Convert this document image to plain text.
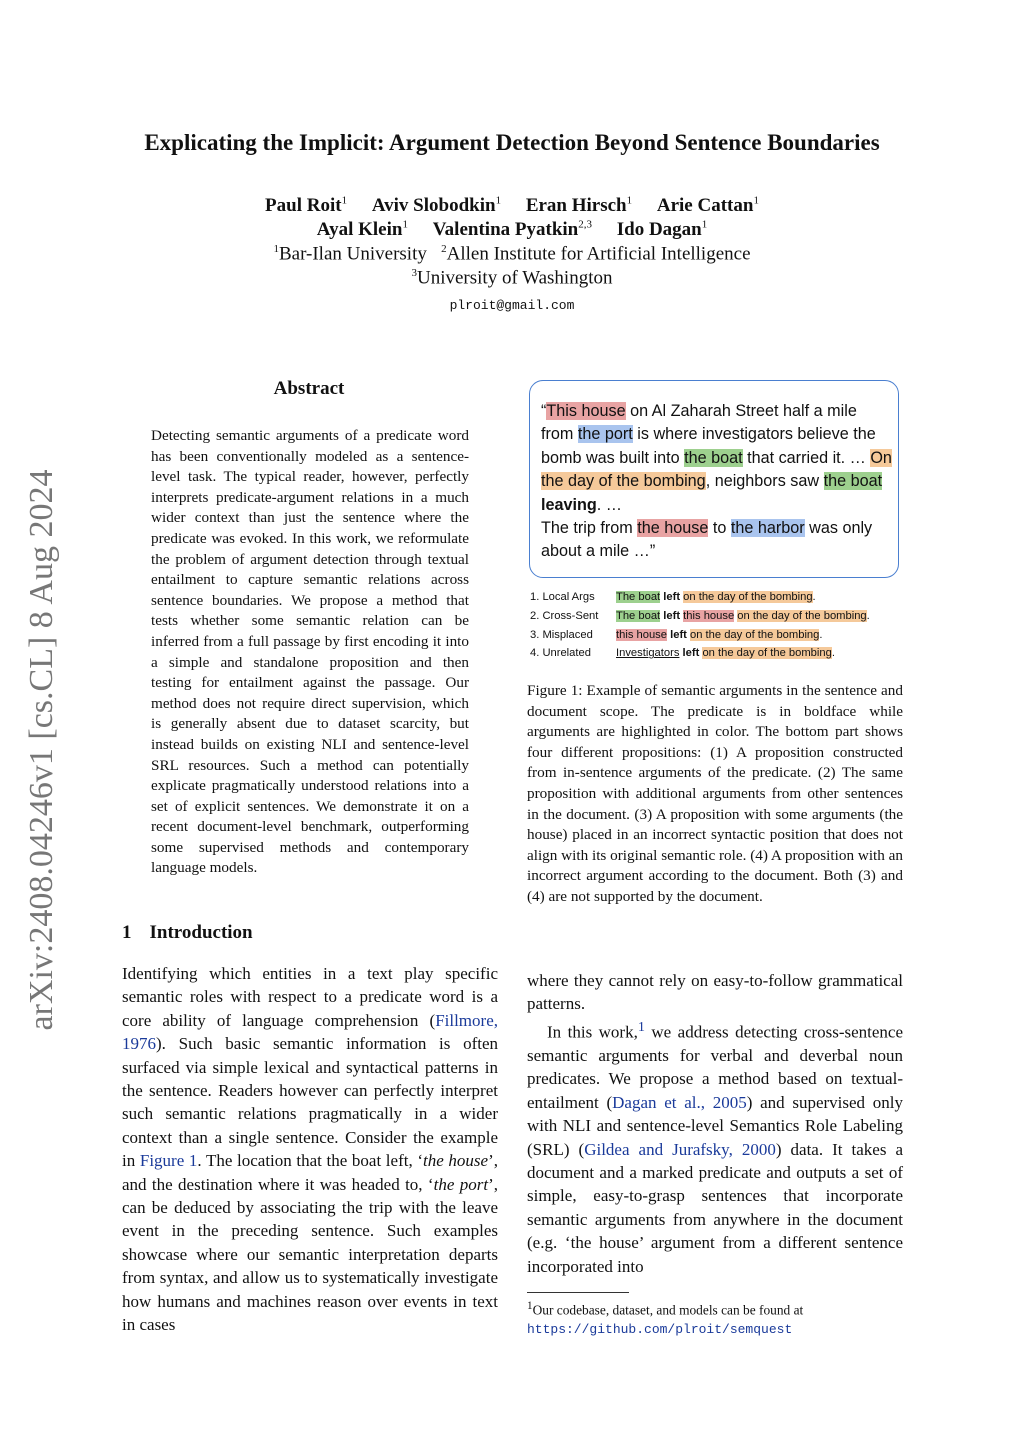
Explicating the Implicit: Argument Detection Beyond Sentence Boundaries
Paul Roit$^1$ Aviv Slobodkin$^1$ Eran Hirsch$^1$ Arie Cattan$^1$
Ayal Klein$^1$ Valentina Pyatkin$^{2,3}$ Ido Dagan$^1$
$^1$Bar-Ilan University $^2$Allen Institute for Artificial Intelligence
$^3$University of Washington
plroit@gmail.com
arXiv:2408.04246v1 [cs.CL] 8 Aug 2024
Abstract
Detecting semantic arguments of a predicate word has been conventionally modeled as a sentence-level task. The typical reader, however, perfectly interprets predicate-argument relations in a much wider context than just the sentence where the predicate was evoked. In this work, we reformulate the problem of argument detection through textual entailment to capture semantic relations across sentence boundaries. We propose a method that tests whether some semantic relation can be inferred from a full passage by first encoding it into a simple and standalone proposition and then testing for entailment against the passage. Our method does not require direct supervision, which is generally absent due to dataset scarcity, but instead builds on existing NLI and sentence-level SRL resources. Such a method can potentially explicate pragmatically understood relations into a set of explicit sentences. We demonstrate it on a recent document-level benchmark, outperforming some supervised methods and contemporary language models.
1 Introduction
Identifying which entities in a text play specific semantic roles with respect to a predicate word is a core ability of language comprehension (Fillmore, 1976). Such basic semantic information is often surfaced via simple lexical and syntactical patterns in the sentence. Readers however can perfectly interpret such semantic relations pragmatically in a wider context than a single sentence. Consider the example in Figure 1. The location that the boat left, ‘the house’, and the destination where it was headed to, ‘the port’, can be deduced by associating the trip with the leave event in the preceding sentence. Such examples showcase where our semantic interpretation departs from syntax, and allow us to systematically investigate how humans and machines reason over events in text in cases
“This house on Al Zaharah Street half a mile from the port is where investigators believe the bomb was built into the boat that carried it. … On the day of the bombing, neighbors saw the boat leaving. …
The trip from the house to the harbor was only about a mile …”
1. Local Args	The boat left on the day of the bombing.
2. Cross-Sent	The boat left this house on the day of the bombing.
3. Misplaced	this house left on the day of the bombing.
4. Unrelated	Investigators left on the day of the bombing.
Figure 1: Example of semantic arguments in the sentence and document scope. The predicate is in boldface while arguments are highlighted in color. The bottom part shows four different propositions: (1) A proposition constructed from in-sentence arguments of the predicate. (2) The same proposition with additional arguments from other sentences in the document. (3) A proposition with some arguments (the house) placed in an incorrect syntactic position that does not align with its original semantic role. (4) A proposition with an incorrect argument according to the document. Both (3) and (4) are not supported by the document.
where they cannot rely on easy-to-follow grammatical patterns.
In this work,$^1$ we address detecting cross-sentence semantic arguments for verbal and deverbal noun predicates. We propose a method based on textual-entailment (Dagan et al., 2005) and supervised only with NLI and sentence-level Semantics Role Labeling (SRL) (Gildea and Jurafsky, 2000) data. It takes a document and a marked predicate and outputs a set of simple, easy-to-grasp sentences that incorporate semantic arguments from anywhere in the document (e.g. ‘the house’ argument from a different sentence incorporated into
$^1$Our codebase, dataset, and models can be found at https://github.com/plroit/semquest
